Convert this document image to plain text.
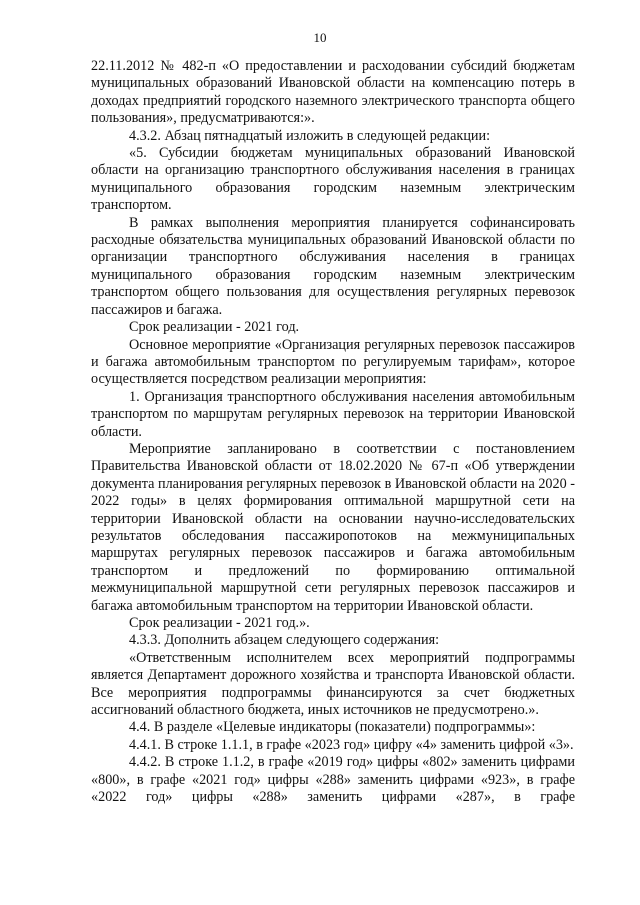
10

22.11.2012 № 482-п «О предоставлении и расходовании субсидий бюджетам муниципальных образований Ивановской области на компенсацию потерь в доходах предприятий городского наземного электрического транспорта общего пользования», предусматриваются:».

4.3.2. Абзац пятнадцатый изложить в следующей редакции:

«5. Субсидии бюджетам муниципальных образований Ивановской области на организацию транспортного обслуживания населения в границах муниципального образования городским наземным электрическим транспортом.

В рамках выполнения мероприятия планируется софинансировать расходные обязательства муниципальных образований Ивановской области по организации транспортного обслуживания населения в границах муниципального образования городским наземным электрическим транспортом общего пользования для осуществления регулярных перевозок пассажиров и багажа.

Срок реализации - 2021 год.

Основное мероприятие «Организация регулярных перевозок пассажиров и багажа автомобильным транспортом по регулируемым тарифам», которое осуществляется посредством реализации мероприятия:

1. Организация транспортного обслуживания населения автомобильным транспортом по маршрутам регулярных перевозок на территории Ивановской области.

Мероприятие запланировано в соответствии с постановлением Правительства Ивановской области от 18.02.2020 № 67-п «Об утверждении документа планирования регулярных перевозок в Ивановской области на 2020 - 2022 годы» в целях формирования оптимальной маршрутной сети на территории Ивановской области на основании научно-исследовательских результатов обследования пассажиропотоков на межмуниципальных маршрутах регулярных перевозок пассажиров и багажа автомобильным транспортом и предложений по формированию оптимальной межмуниципальной маршрутной сети регулярных перевозок пассажиров и багажа автомобильным транспортом на территории Ивановской области.

Срок реализации - 2021 год.».

4.3.3. Дополнить абзацем следующего содержания:

«Ответственным исполнителем всех мероприятий подпрограммы является Департамент дорожного хозяйства и транспорта Ивановской области. Все мероприятия подпрограммы финансируются за счет бюджетных ассигнований областного бюджета, иных источников не предусмотрено.».

4.4. В разделе «Целевые индикаторы (показатели) подпрограммы»:

4.4.1. В строке 1.1.1, в графе «2023 год» цифру «4» заменить цифрой «3».

4.4.2. В строке 1.1.2, в графе «2019 год» цифры «802» заменить цифрами «800», в графе «2021 год» цифры «288» заменить цифрами «923», в графе «2022 год» цифры «288» заменить цифрами «287», в графе
